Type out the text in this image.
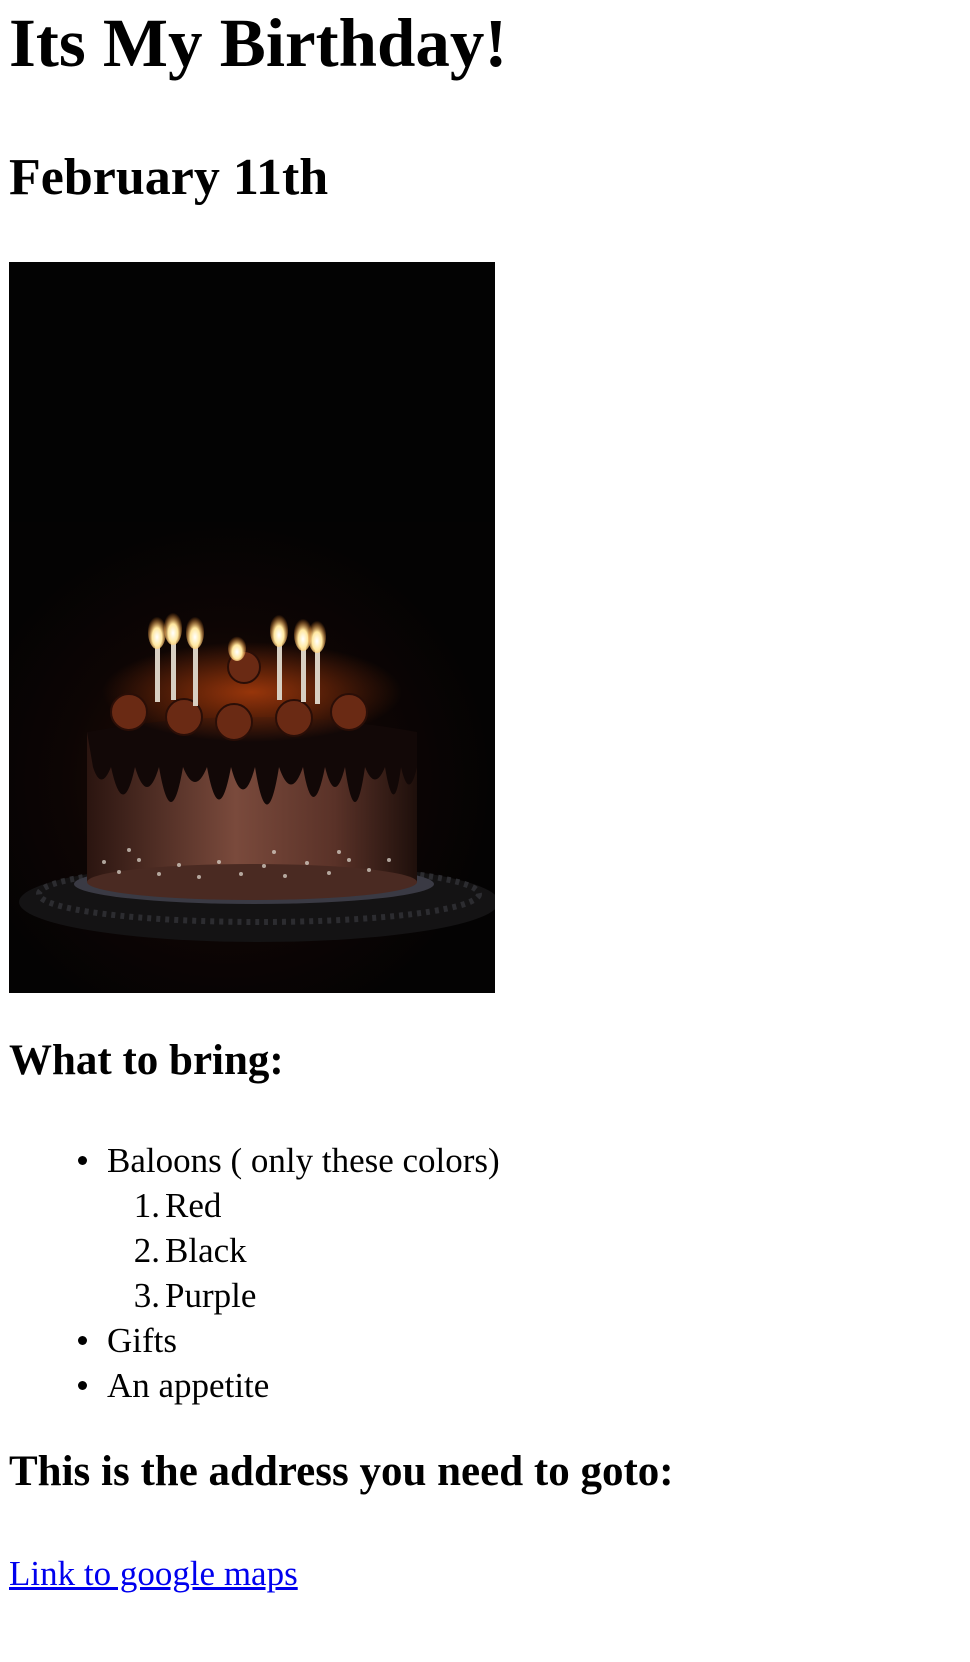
Its My Birthday!
February 11th
What to bring:
Baloons ( only these colors)
1. Red
2. Black
3. Purple
Gifts
An appetite
This is the address you need to goto:
Link to google maps
